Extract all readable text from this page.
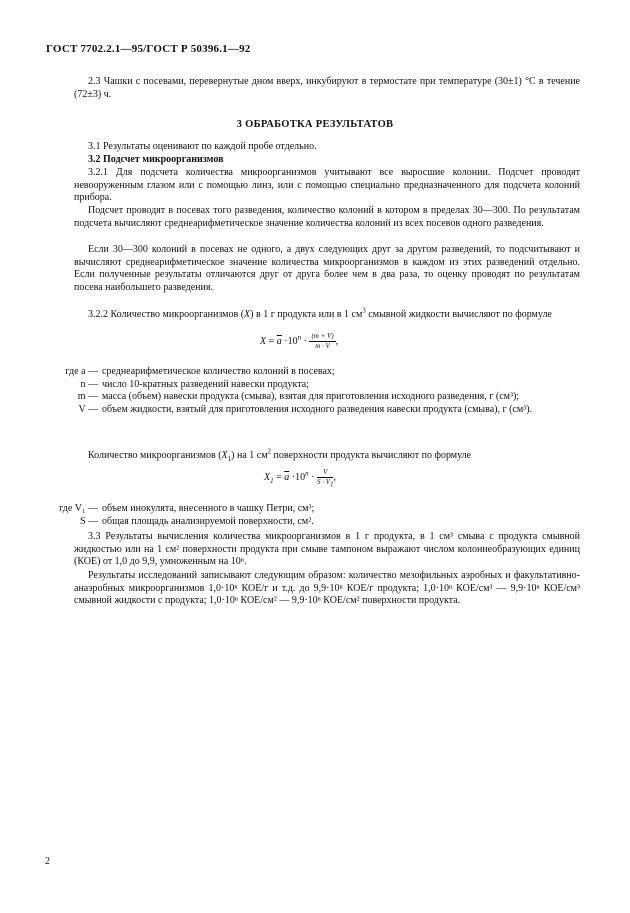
ГОСТ 7702.2.1—95/ГОСТ Р 50396.1—92
2.3 Чашки с посевами, перевернутые дном вверх, инкубируют в термостате при температуре (30±1) °С в течение (72±3) ч.
3 ОБРАБОТКА РЕЗУЛЬТАТОВ
3.1 Результаты оценивают по каждой пробе отдельно.
3.2 Подсчет микроорганизмов
3.2.1 Для подсчета количества микроорганизмов учитывают все выросшие колонии. Подсчет проводят невооруженным глазом или с помощью линз, или с помощью специально предназначенного для подсчета колоний прибора.
Подсчет проводят в посевах того разведения, количество колоний в котором в пределах 30—300. По результатам подсчета вычисляют среднеарифметическое значение количества колоний из всех посевов одного разведения.
Если 30—300 колоний в посевах не одного, а двух следующих друг за другом разведений, то подсчитывают и вычисляют среднеарифметическое значение количества микроорганизмов в каждом из этих разведений отдельно. Если полученные результаты отличаются друг от друга более чем в два раза, то оценку проводят по результатам посева наибольшего разведения.
3.2.2 Количество микроорганизмов (X) в 1 г продукта или в 1 $см^3$ смывной жидкости вычисляют по формуле
$X = \overline{a} \cdot 10^n \cdot \frac{(m + V)}{m \cdot V}$ ,
где a — среднеарифметическое количество колоний в посевах;
n — число 10-кратных разведений навески продукта;
m — масса (объем) навески продукта (смыва), взятая для приготовления исходного разведения, г (см³);
V — объем жидкости, взятый для приготовления исходного разведения навески продукта (смыва), г (см³).
Количество микроорганизмов $(X_1)$ на 1 $см^2$ поверхности продукта вычисляют по формуле
$X_1 = \overline{a} \cdot 10^n \cdot \frac{V}{S \cdot V_1}$ ,
где V₁ — объем инокулята, внесенного в чашку Петри, см³;
S — общая площадь анализируемой поверхности, см².
3.3 Результаты вычисления количества микроорганизмов в 1 г продукта, в 1 см³ смыва с продукта смывной жидкостью или на 1 см² поверхности продукта при смыве тампоном выражают числом колониеобразующих единиц (КОЕ) от 1,0 до 9,9, умноженным на 10ⁿ.
Результаты исследований записывают следующим образом: количество мезофильных аэробных и факультативно-анаэробных микроорганизмов 1,0·10ⁿ КОЕ/г и т.д. до 9,9·10ⁿ КОЕ/г продукта; 1,0·10ⁿ КОЕ/см³ — 9,9·10ⁿ КОЕ/см³ смывной жидкости с продукта; 1,0·10ⁿ КОЕ/см² — 9,9·10ⁿ КОЕ/см² поверхности продукта.
2
